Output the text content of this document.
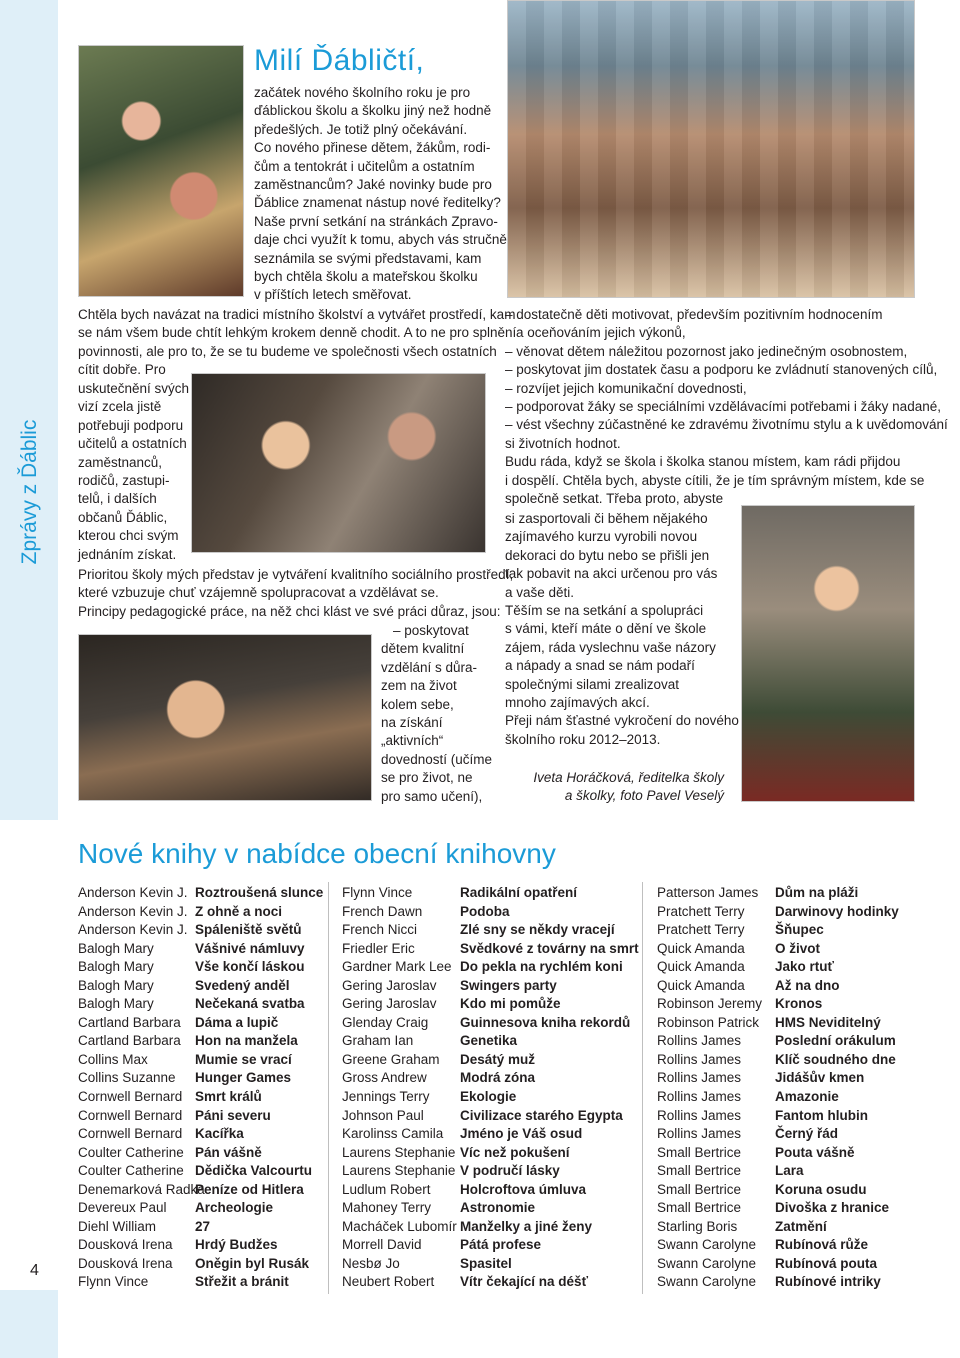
Zprávy z Ďáblic
4
Milí Ďábličtí,
začátek nového školního roku je pro
ďáblickou školu a školku jiný než hodně
předešlých. Je totiž plný očekávání.
Co nového přinese dětem, žákům, rodi-
čům a tentokrát i učitelům a ostatním
zaměstnancům? Jaké novinky bude pro
Ďáblice znamenat nástup nové ředitelky?
Naše první setkání na stránkách Zpravo-
daje chci využít k tomu, abych vás stručně
seznámila se svými představami, kam
bych chtěla školu a mateřskou školku
v příštích letech směřovat.
Chtěla bych navázat na tradici místního školství a vytvářet prostředí, kam
se nám všem bude chtít lehkým krokem denně chodit. A to ne pro splnění
povinnosti, ale pro to, že se tu budeme ve společnosti všech ostatních
cítit dobře. Pro
uskutečnění svých
vizí zcela jistě
potřebuji podporu
učitelů a ostatních
zaměstnanců,
rodičů, zastupi-
telů, i dalších
občanů Ďáblic,
kterou chci svým
jednáním získat.
Prioritou školy mých představ je vytváření kvalitního sociálního prostředí,
které vzbuzuje chuť vzájemně spolupracovat a vzdělávat se.
Principy pedagogické práce, na něž chci klást ve své práci důraz, jsou:
– poskytovat
dětem kvalitní
vzdělání s důra-
zem na život
kolem sebe,
na získání
„aktivních“
dovedností (učíme
se pro život, ne
pro samo učení),
– dostatečně děti motivovat, především pozitivním hodnocením
a oceňováním jejich výkonů,
– věnovat dětem náležitou pozornost jako jedinečným osobnostem,
– poskytovat jim dostatek času a podporu ke zvládnutí stanovených cílů,
– rozvíjet jejich komunikační dovednosti,
– podporovat žáky se speciálními vzdělávacími potřebami i žáky nadané,
– vést všechny zúčastněné ke zdravému životnímu stylu a k uvědomování
si životních hodnot.
Budu ráda, když se škola i školka stanou místem, kam rádi přijdou
i dospělí. Chtěla bych, abyste cítili, že je tím správným místem, kde se
společně setkat. Třeba proto, abyste
si zasportovali či během nějakého
zajímavého kurzu vyrobili novou
dekoraci do bytu nebo se přišli jen
tak pobavit na akci určenou pro vás
a vaše děti.
Těším se na setkání a spolupráci
s vámi, kteří máte o dění ve škole
zájem, ráda vyslechnu vaše názory
a nápady a snad se nám podaří
společnými silami zrealizovat
mnoho zajímavých akcí.
Přeji nám šťastné vykročení do nového
školního roku 2012–2013.
Iveta Horáčková, ředitelka školy
a školky, foto Pavel Veselý
Nové knihy v nabídce obecní knihovny
Anderson Kevin J.
Anderson Kevin J.
Anderson Kevin J.
Balogh Mary
Balogh Mary
Balogh Mary
Balogh Mary
Cartland Barbara
Cartland Barbara
Collins Max
Collins Suzanne
Cornwell Bernard
Cornwell Bernard
Cornwell Bernard
Coulter Catherine
Coulter Catherine
Denemarková Radka
Devereux Paul
Diehl William
Dousková Irena
Dousková Irena
Flynn Vince
Roztroušená slunce
Z ohně a noci
Spáleniště světů
Vášnivé námluvy
Vše končí láskou
Svedený anděl
Nečekaná svatba
Dáma a lupič
Hon na manžela
Mumie se vrací
Hunger Games
Smrt králů
Páni severu
Kacířka
Pán vášně
Dědička Valcourtu
Peníze od Hitlera
Archeologie
27
Hrdý Budžes
Oněgin byl Rusák
Střežit a bránit
Flynn Vince
French Dawn
French Nicci
Friedler Eric
Gardner Mark Lee
Gering Jaroslav
Gering Jaroslav
Glenday Craig
Graham Ian
Greene Graham
Gross Andrew
Jennings Terry
Johnson Paul
Karolinss Camila
Laurens Stephanie
Laurens Stephanie
Ludlum Robert
Mahoney Terry
Macháček Lubomír
Morrell David
Nesbø Jo
Neubert Robert
Radikální opatření
Podoba
Zlé sny se někdy vracejí
Svědkové z továrny na smrt
Do pekla na rychlém koni
Swingers party
Kdo mi pomůže
Guinnesova kniha rekordů
Genetika
Desátý muž
Modrá zóna
Ekologie
Civilizace starého Egypta
Jméno je Váš osud
Víc než pokušení
V područí lásky
Holcroftova úmluva
Astronomie
Manželky a jiné ženy
Pátá profese
Spasitel
Vítr čekající na déšť
Patterson James
Pratchett Terry
Pratchett Terry
Quick Amanda
Quick Amanda
Quick Amanda
Robinson Jeremy
Robinson Patrick
Rollins James
Rollins James
Rollins James
Rollins James
Rollins James
Rollins James
Small Bertrice
Small Bertrice
Small Bertrice
Small Bertrice
Starling Boris
Swann Carolyne
Swann Carolyne
Swann Carolyne
Dům na pláži
Darwinovy hodinky
Šňupec
O život
Jako rtuť
Až na dno
Kronos
HMS Neviditelný
Poslední orákulum
Klíč soudného dne
Jidášův kmen
Amazonie
Fantom hlubin
Černý řád
Pouta vášně
Lara
Koruna osudu
Divoška z hranice
Zatmění
Rubínová růže
Rubínová pouta
Rubínové intriky
